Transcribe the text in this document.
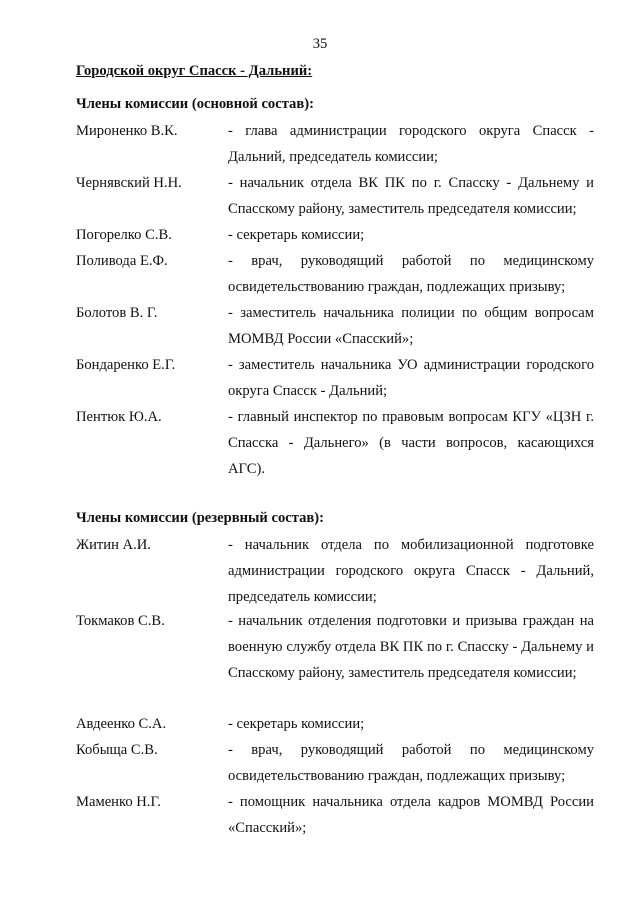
35
Городской округ Спасск - Дальний:
Члены комиссии (основной состав):
Мироненко В.К.	- глава администрации городского округа Спасск - Дальний, председатель комиссии;
Чернявский Н.Н.	- начальник отдела ВК ПК по г. Спасску - Дальнему и Спасскому району, заместитель председателя комиссии;
Погорелко С.В.	- секретарь комиссии;
Поливода Е.Ф.	- врач, руководящий работой по медицинскому освидетельствованию граждан, подлежащих призыву;
Болотов В. Г.	- заместитель начальника полиции по общим вопросам МОМВД России «Спасский»;
Бондаренко Е.Г.	- заместитель начальника УО администрации городского округа Спасск - Дальний;
Пентюк Ю.А.	- главный инспектор по правовым вопросам КГУ «ЦЗН г. Спасска - Дальнего» (в части вопросов, касающихся АГС).
Члены комиссии (резервный состав):
Житин А.И.	- начальник отдела по мобилизационной подготовке администрации городского округа Спасск - Дальний, председатель комиссии;
Токмаков С.В.	- начальник отделения подготовки и призыва граждан на военную службу отдела ВК ПК по г. Спасску - Дальнему и Спасскому району, заместитель председателя комиссии;
Авдеенко С.А.	- секретарь комиссии;
Кобыща С.В.	- врач, руководящий работой по медицинскому освидетельствованию граждан, подлежащих призыву;
Маменко Н.Г.	- помощник начальника отдела кадров МОМВД России «Спасский»;
